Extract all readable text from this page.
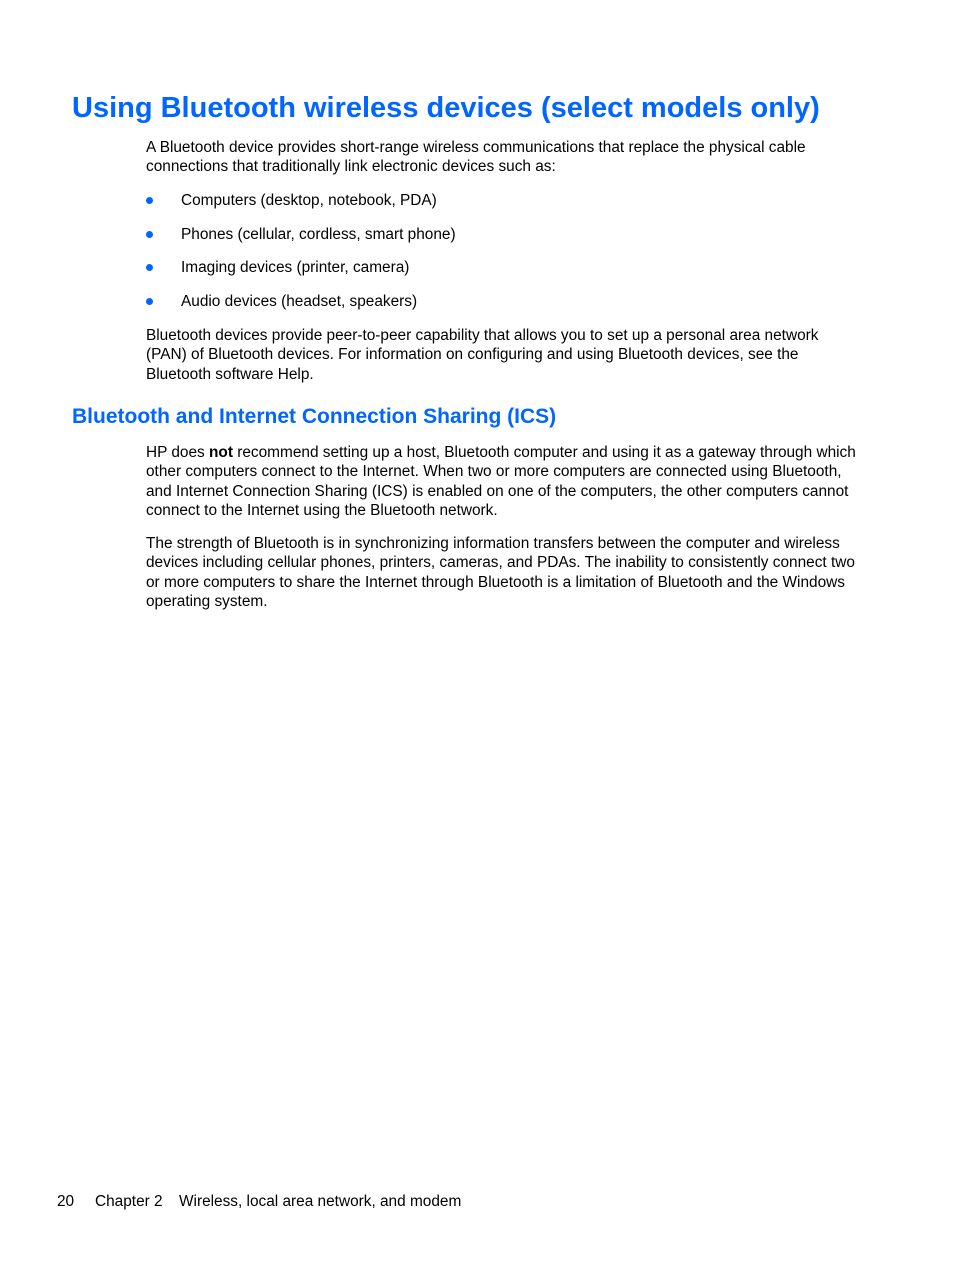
Using Bluetooth wireless devices (select models only)

A Bluetooth device provides short-range wireless communications that replace the physical cable connections that traditionally link electronic devices such as:

Computers (desktop, notebook, PDA)
Phones (cellular, cordless, smart phone)
Imaging devices (printer, camera)
Audio devices (headset, speakers)

Bluetooth devices provide peer-to-peer capability that allows you to set up a personal area network (PAN) of Bluetooth devices. For information on configuring and using Bluetooth devices, see the Bluetooth software Help.

Bluetooth and Internet Connection Sharing (ICS)

HP does not recommend setting up a host, Bluetooth computer and using it as a gateway through which other computers connect to the Internet. When two or more computers are connected using Bluetooth, and Internet Connection Sharing (ICS) is enabled on one of the computers, the other computers cannot connect to the Internet using the Bluetooth network.

The strength of Bluetooth is in synchronizing information transfers between the computer and wireless devices including cellular phones, printers, cameras, and PDAs. The inability to consistently connect two or more computers to share the Internet through Bluetooth is a limitation of Bluetooth and the Windows operating system.

20 Chapter 2 Wireless, local area network, and modem
